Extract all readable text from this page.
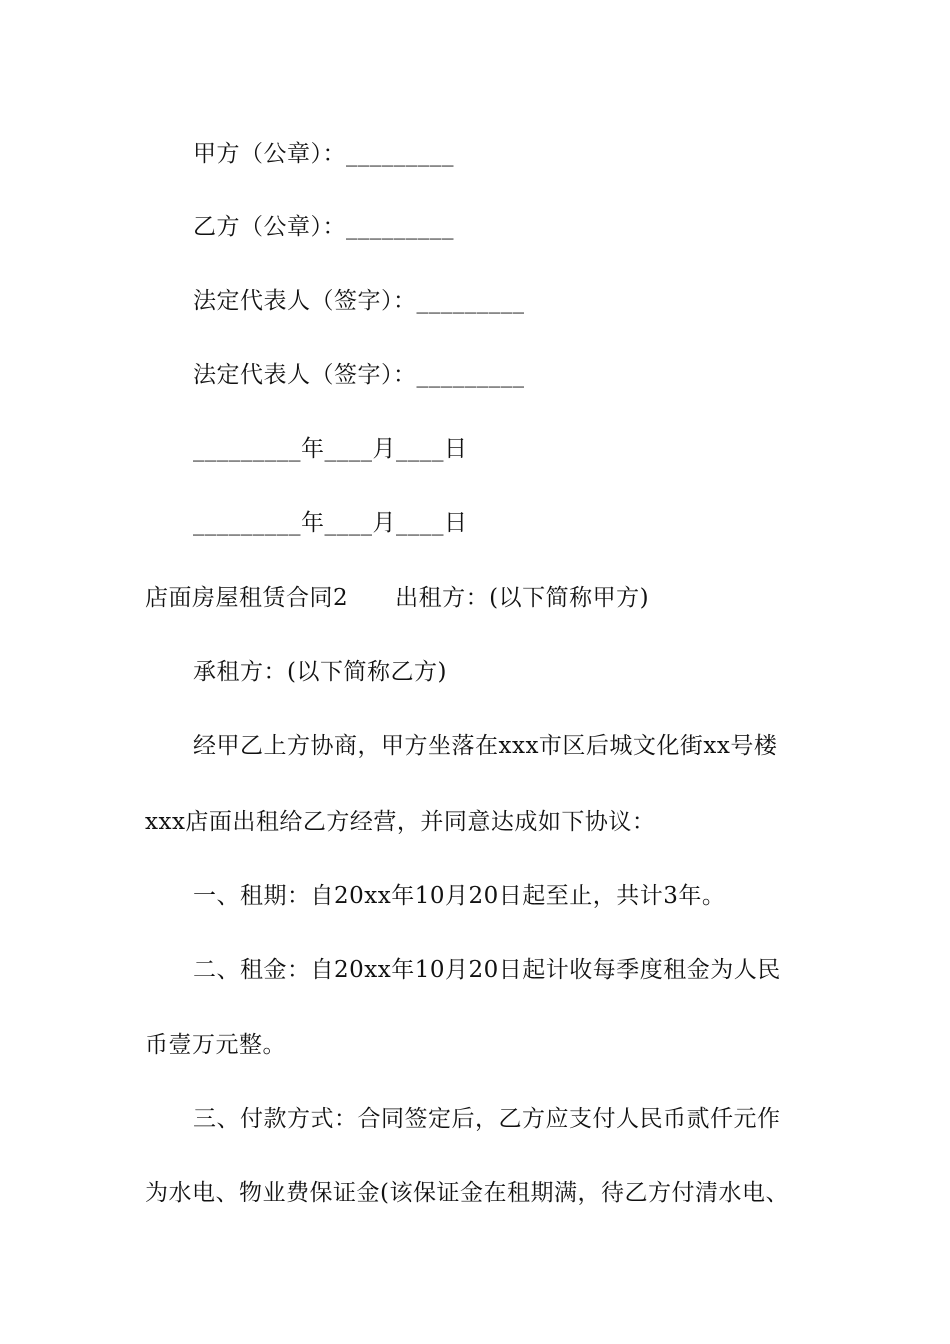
甲方（公章）：_________
乙方（公章）：_________
法定代表人（签字）：_________
法定代表人（签字）：_________
_________年____月____日
_________年____月____日
店面房屋租赁合同2　　出租方：(以下简称甲方)
承租方：(以下简称乙方)
经甲乙上方协商，甲方坐落在xxx市区后城文化街xx号楼
xxx店面出租给乙方经营，并同意达成如下协议：
一、租期：自20xx年10月20日起至止，共计3年。
二、租金：自20xx年10月20日起计收每季度租金为人民
币壹万元整。
三、付款方式：合同签定后，乙方应支付人民币贰仟元作
为水电、物业费保证金(该保证金在租期满，待乙方付清水电、
